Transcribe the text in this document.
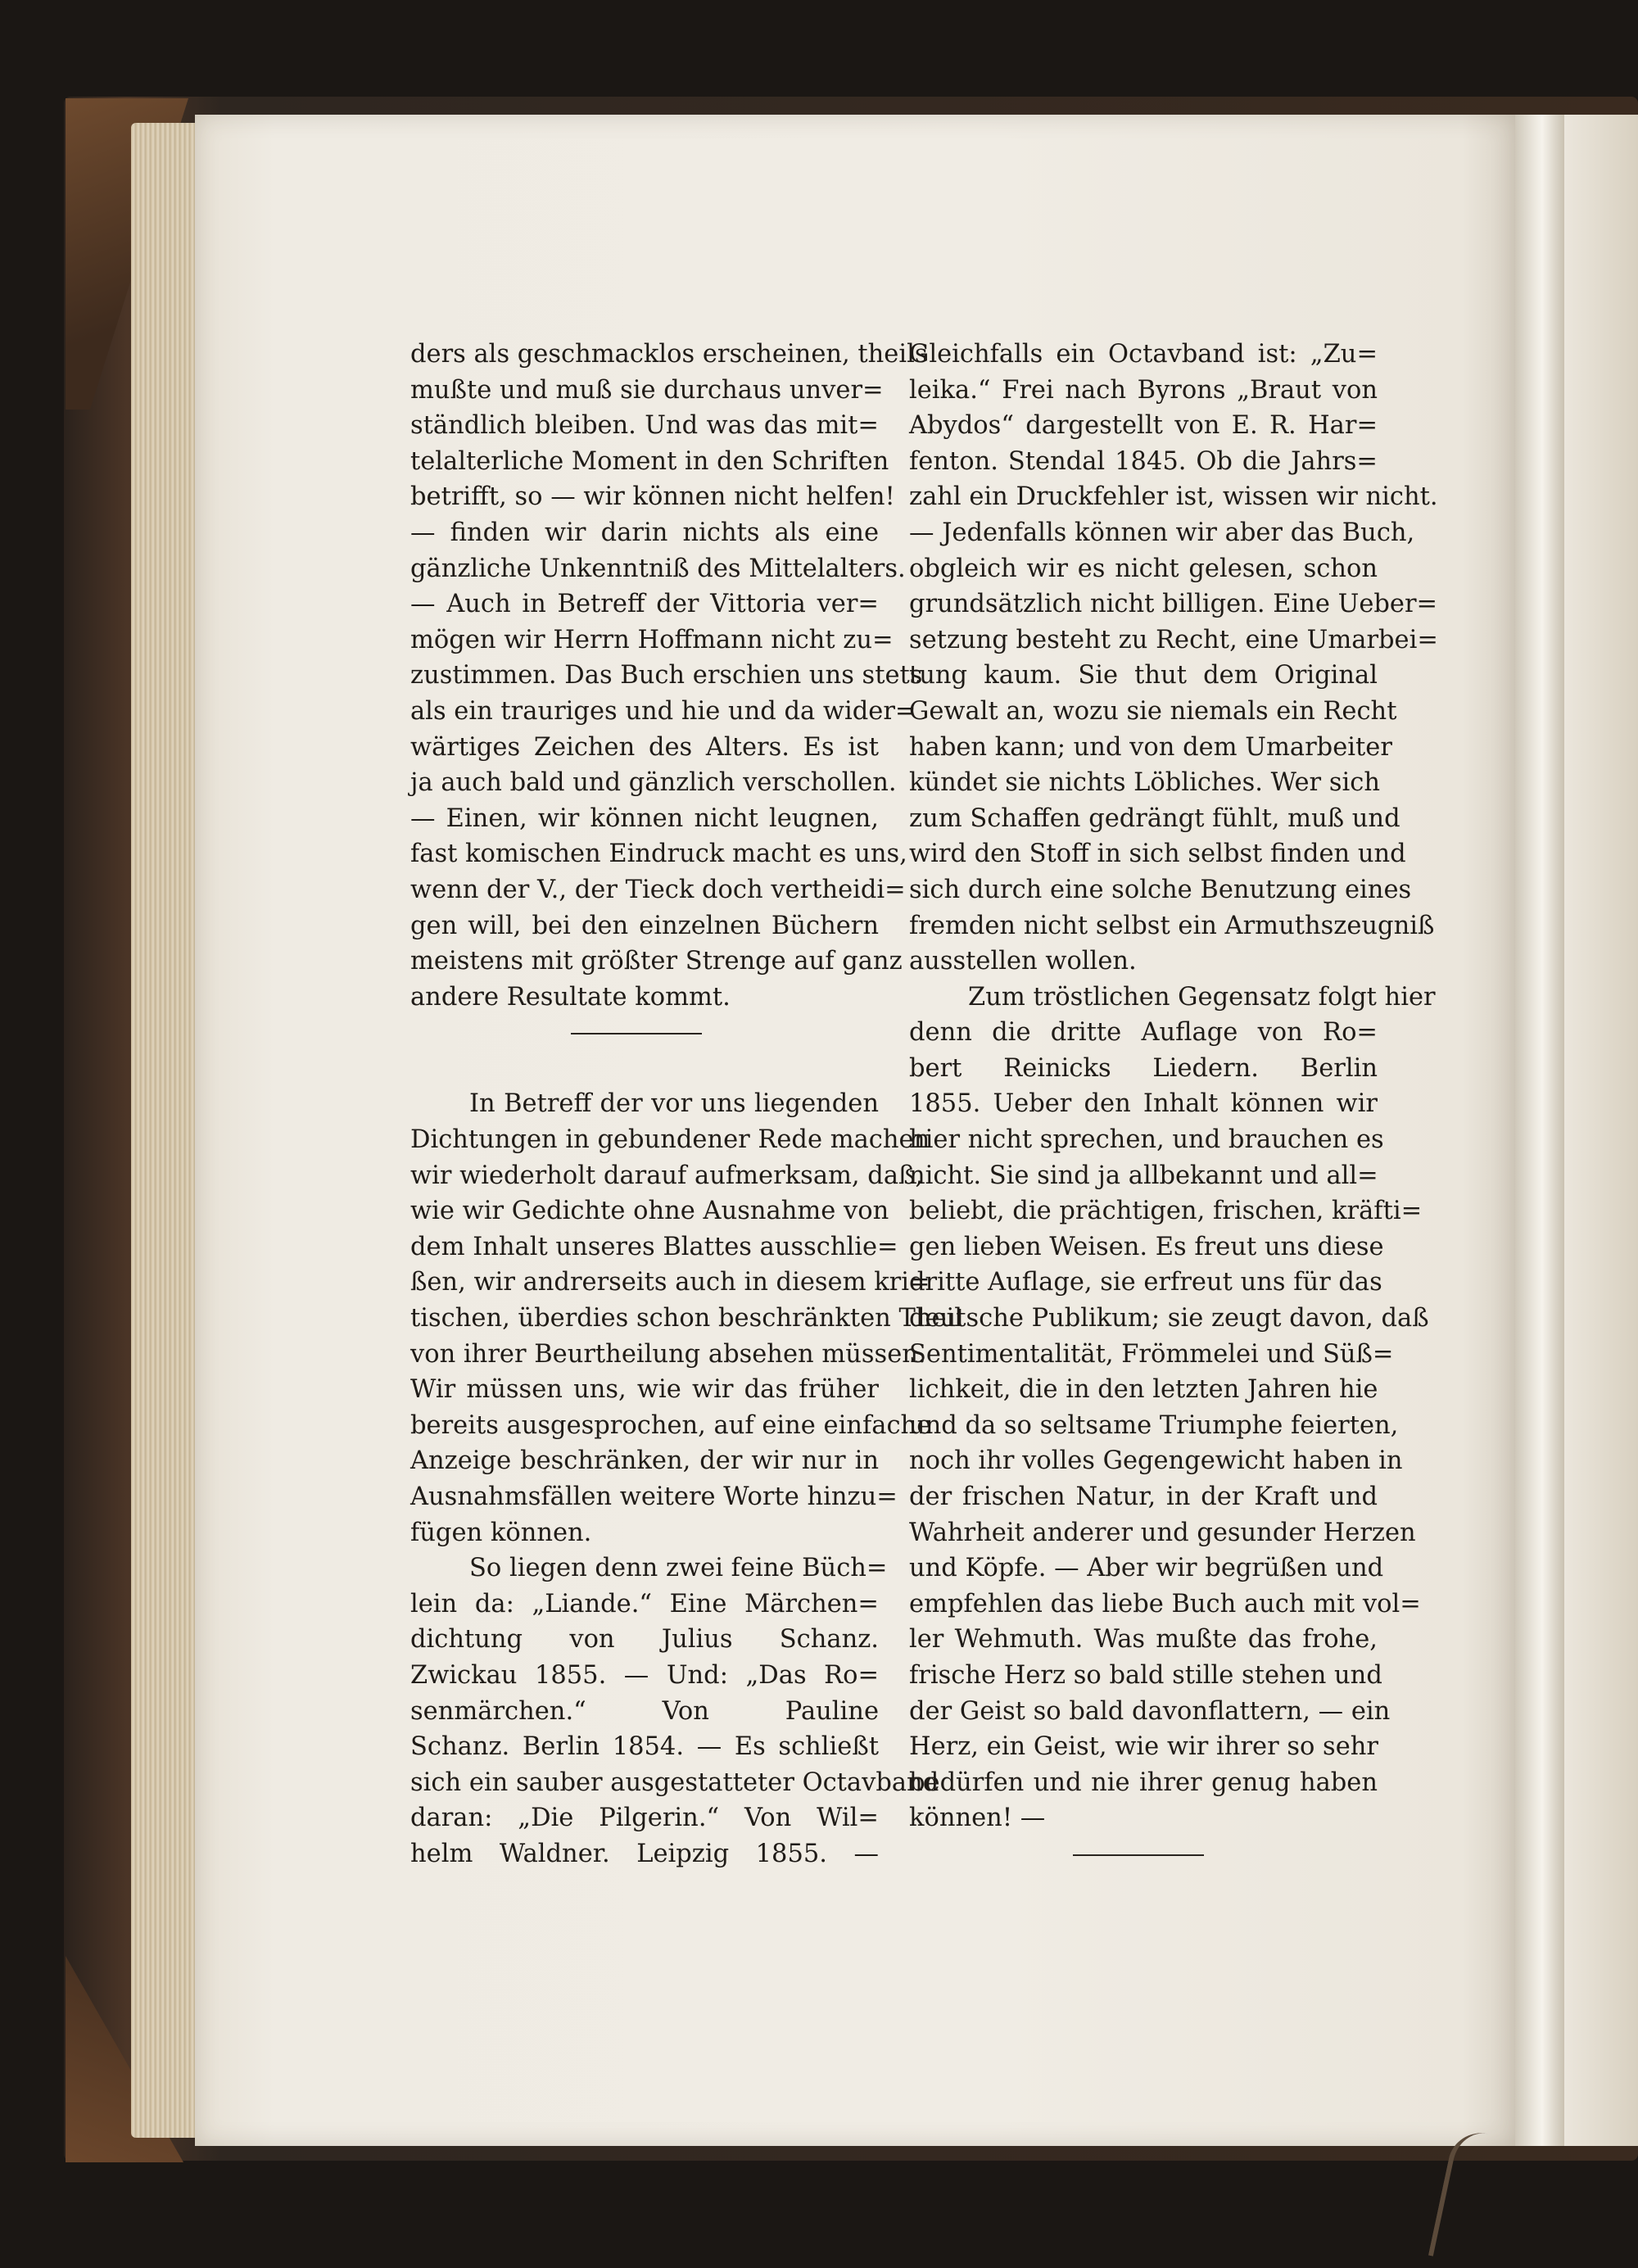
ders als geschmacklos erscheinen, theils
mußte und muß sie durchaus unver=
ständlich bleiben. Und was das mit=
telalterliche Moment in den Schriften
betrifft, so — wir können nicht helfen!
— finden wir darin nichts als eine
gänzliche Unkenntniß des Mittelalters.
— Auch in Betreff der Vittoria ver=
mögen wir Herrn Hoffmann nicht zu=
zustimmen. Das Buch erschien uns stets
als ein trauriges und hie und da wider=
wärtiges Zeichen des Alters. Es ist
ja auch bald und gänzlich verschollen.
— Einen, wir können nicht leugnen,
fast komischen Eindruck macht es uns,
wenn der V., der Tieck doch vertheidi=
gen will, bei den einzelnen Büchern
meistens mit größter Strenge auf ganz
andere Resultate kommt.
In Betreff der vor uns liegenden
Dichtungen in gebundener Rede machen
wir wiederholt darauf aufmerksam, daß,
wie wir Gedichte ohne Ausnahme von
dem Inhalt unseres Blattes ausschlie=
ßen, wir andrerseits auch in diesem kri=
tischen, überdies schon beschränkten Theil
von ihrer Beurtheilung absehen müssen.
Wir müssen uns, wie wir das früher
bereits ausgesprochen, auf eine einfache
Anzeige beschränken, der wir nur in
Ausnahmsfällen weitere Worte hinzu=
fügen können.
So liegen denn zwei feine Büch=
lein da: „Liande.“ Eine Märchen=
dichtung von Julius Schanz.
Zwickau 1855. — Und: „Das Ro=
senmärchen.“ Von Pauline
Schanz. Berlin 1854. — Es schließt
sich ein sauber ausgestatteter Octavband
daran: „Die Pilgerin.“ Von Wil=
helm Waldner. Leipzig 1855. —
Gleichfalls ein Octavband ist: „Zu=
leika.“ Frei nach Byrons „Braut von
Abydos“ dargestellt von E. R. Har=
fenton. Stendal 1845. Ob die Jahrs=
zahl ein Druckfehler ist, wissen wir nicht.
— Jedenfalls können wir aber das Buch,
obgleich wir es nicht gelesen, schon
grundsätzlich nicht billigen. Eine Ueber=
setzung besteht zu Recht, eine Umarbei=
tung kaum. Sie thut dem Original
Gewalt an, wozu sie niemals ein Recht
haben kann; und von dem Umarbeiter
kündet sie nichts Löbliches. Wer sich
zum Schaffen gedrängt fühlt, muß und
wird den Stoff in sich selbst finden und
sich durch eine solche Benutzung eines
fremden nicht selbst ein Armuthszeugniß
ausstellen wollen.
Zum tröstlichen Gegensatz folgt hier
denn die dritte Auflage von Ro=
bert Reinicks Liedern. Berlin
1855. Ueber den Inhalt können wir
hier nicht sprechen, und brauchen es
nicht. Sie sind ja allbekannt und all=
beliebt, die prächtigen, frischen, kräfti=
gen lieben Weisen. Es freut uns diese
dritte Auflage, sie erfreut uns für das
deutsche Publikum; sie zeugt davon, daß
Sentimentalität, Frömmelei und Süß=
lichkeit, die in den letzten Jahren hie
und da so seltsame Triumphe feierten,
noch ihr volles Gegengewicht haben in
der frischen Natur, in der Kraft und
Wahrheit anderer und gesunder Herzen
und Köpfe. — Aber wir begrüßen und
empfehlen das liebe Buch auch mit vol=
ler Wehmuth. Was mußte das frohe,
frische Herz so bald stille stehen und
der Geist so bald davonflattern, — ein
Herz, ein Geist, wie wir ihrer so sehr
bedürfen und nie ihrer genug haben
können! —
